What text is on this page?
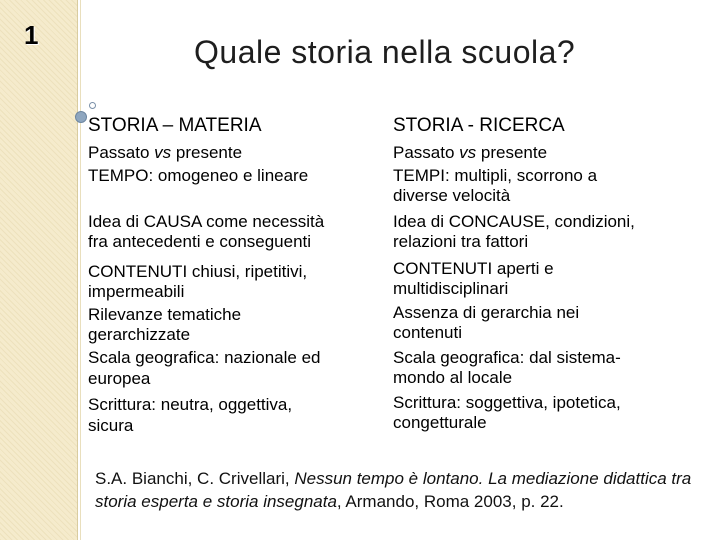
1	Quale storia nella scuola?
STORIA – MATERIA
Passato vs presente
TEMPO: omogeneo e lineare
Idea di CAUSA come necessità
fra antecedenti e conseguenti
CONTENUTI chiusi, ripetitivi,
impermeabili
Rilevanze tematiche
gerarchizzate
Scala geografica: nazionale ed
europea
Scrittura: neutra, oggettiva,
sicura
STORIA - RICERCA
Passato vs presente
TEMPI: multipli, scorrono a
diverse velocità
Idea di CONCAUSE, condizioni,
relazioni tra fattori
CONTENUTI aperti e
multidisciplinari
Assenza di gerarchia nei
contenuti
Scala geografica: dal sistema-
mondo al locale
Scrittura: soggettiva, ipotetica,
congetturale
S.A. Bianchi, C. Crivellari, Nessun tempo è lontano. La mediazione didattica tra storia esperta e storia insegnata, Armando, Roma 2003, p. 22.
